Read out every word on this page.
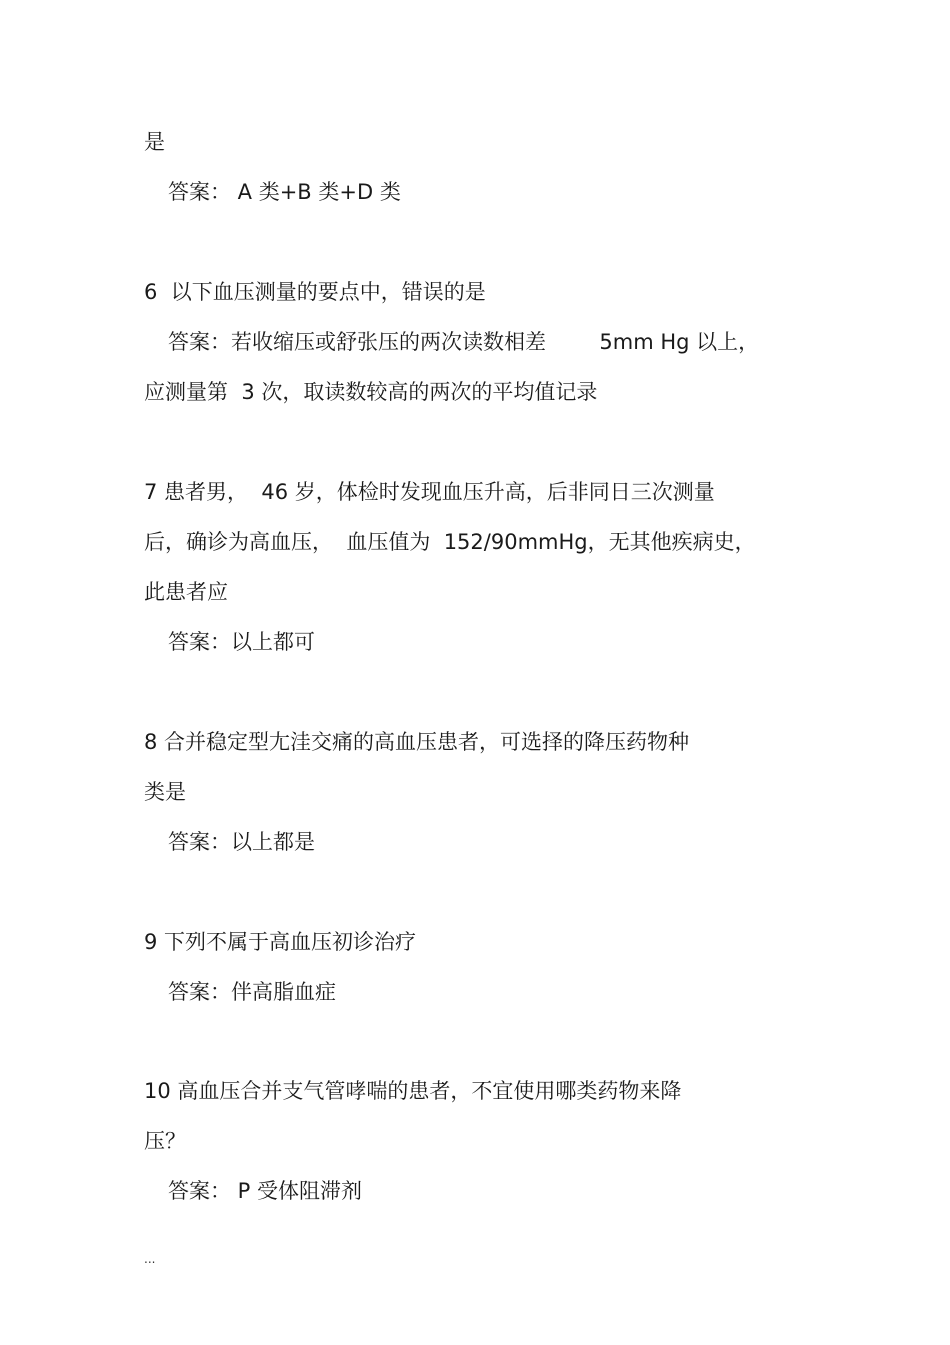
是
答案： A 类+B 类+D 类
6  以下血压测量的要点中，错误的是
答案：若收缩压或舒张压的两次读数相差        5mm Hg 以上，
应测量第  3 次，取读数较高的两次的平均值记录
7 患者男，  46 岁，体检时发现血压升高，后非同日三次测量
后，确诊为高血压，  血压值为  152/90mmHg，无其他疾病史，
此患者应
答案：以上都可
8 合并稳定型尢洼交痛的高血压患者，可选择的降压药物种
类是
答案：以上都是
9 下列不属于高血压初诊治疗
答案：伴高脂血症
10 高血压合并支气管哮喘的患者，不宜使用哪类药物来降
压？
答案： P 受体阻滞剂
...
